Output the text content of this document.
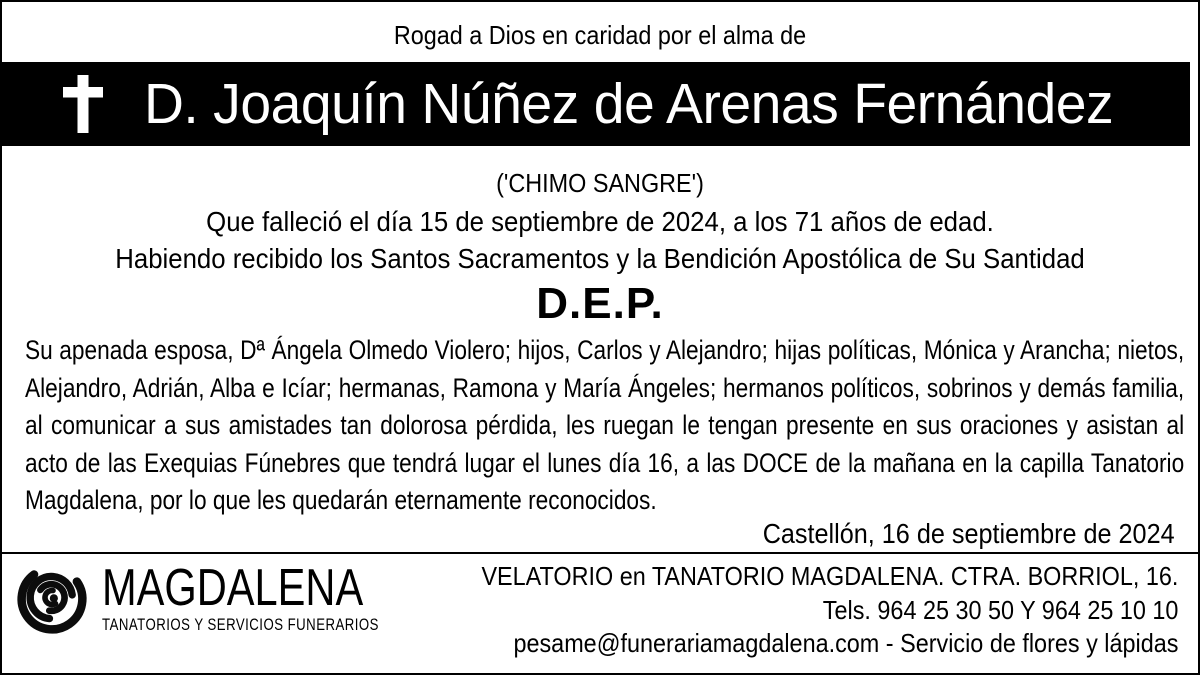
Rogad a Dios en caridad por el alma de
D. Joaquín Núñez de Arenas Fernández
('CHIMO SANGRE')
Que falleció el día 15 de septiembre de 2024, a los 71 años de edad.
Habiendo recibido los Santos Sacramentos y la Bendición Apostólica de Su Santidad
D.E.P.
Su apenada esposa, Dª Ángela Olmedo Violero; hijos, Carlos y Alejandro; hijas políticas, Mónica y Arancha; nietos, Alejandro, Adrián, Alba e Icíar; hermanas, Ramona y María Ángeles; hermanos políticos, sobrinos y demás familia, al comunicar a sus amistades tan dolorosa pérdida, les ruegan le tengan presente en sus oraciones y asistan al acto de las Exequias Fúnebres que tendrá lugar el lunes día 16, a las DOCE de la mañana en la capilla Tanatorio Magdalena, por lo que les quedarán eternamente reconocidos.
Castellón, 16 de septiembre de 2024
MAGDALENA
TANATORIOS Y SERVICIOS FUNERARIOS
VELATORIO en TANATORIO MAGDALENA. CTRA. BORRIOL, 16.
Tels. 964 25 30 50 Y 964 25 10 10
pesame@funerariamagdalena.com - Servicio de flores y lápidas
